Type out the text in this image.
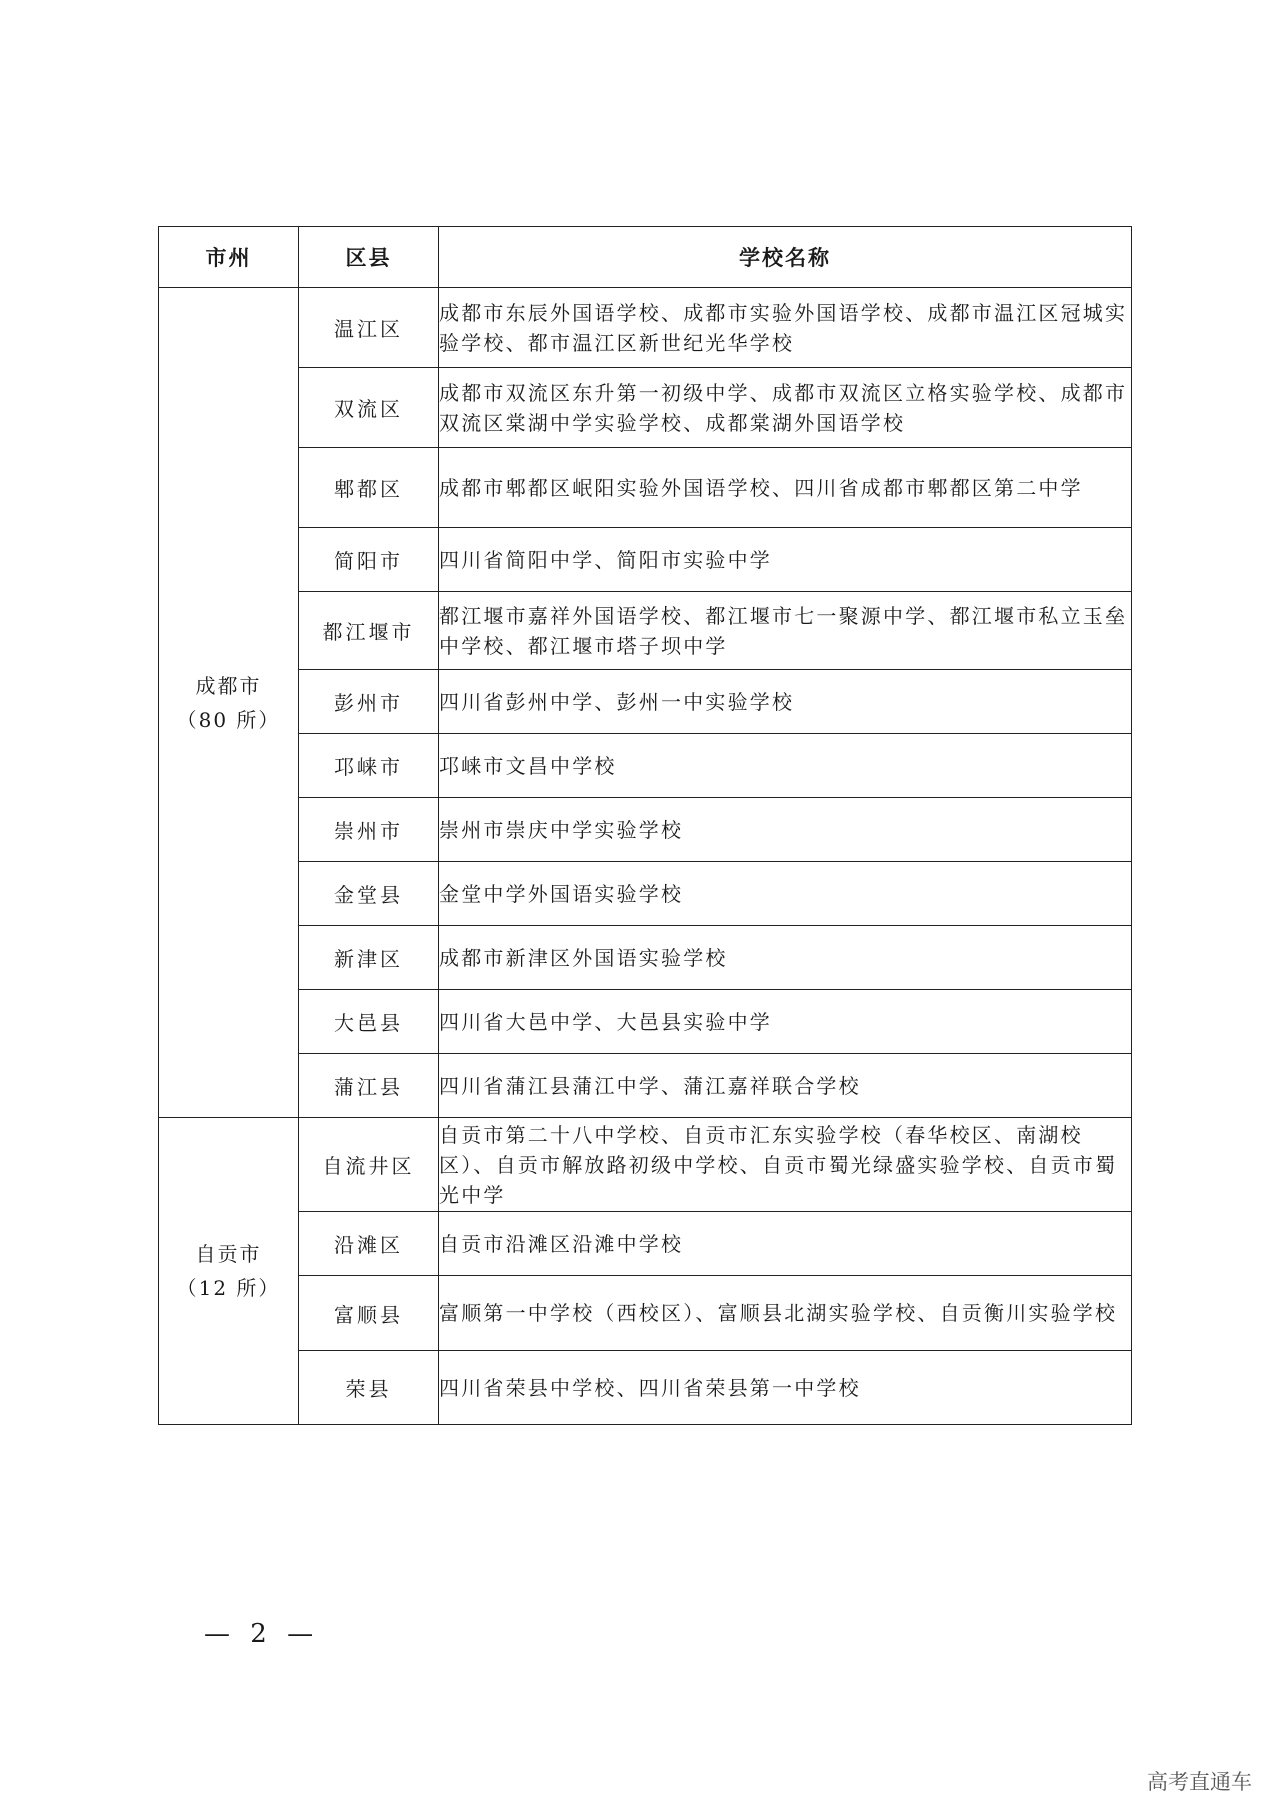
市州	区县	学校名称

成都市
（80 所）	温江区	成都市东辰外国语学校、成都市实验外国语学校、成都市温江区冠城实验学校、都市温江区新世纪光华学校
	双流区	成都市双流区东升第一初级中学、成都市双流区立格实验学校、成都市双流区棠湖中学实验学校、成都棠湖外国语学校
	郫都区	成都市郫都区岷阳实验外国语学校、四川省成都市郫都区第二中学
	简阳市	四川省简阳中学、简阳市实验中学
	都江堰市	都江堰市嘉祥外国语学校、都江堰市七一聚源中学、都江堰市私立玉垒中学校、都江堰市塔子坝中学
	彭州市	四川省彭州中学、彭州一中实验学校
	邛崃市	邛崃市文昌中学校
	崇州市	崇州市崇庆中学实验学校
	金堂县	金堂中学外国语实验学校
	新津区	成都市新津区外国语实验学校
	大邑县	四川省大邑中学、大邑县实验中学
	蒲江县	四川省蒲江县蒲江中学、蒲江嘉祥联合学校

自贡市
（12 所）	自流井区	自贡市第二十八中学校、自贡市汇东实验学校（春华校区、南湖校区）、自贡市解放路初级中学校、自贡市蜀光绿盛实验学校、自贡市蜀光中学
	沿滩区	自贡市沿滩区沿滩中学校
	富顺县	富顺第一中学校（西校区）、富顺县北湖实验学校、自贡衡川实验学校
	荣县	四川省荣县中学校、四川省荣县第一中学校
— 2 —
高考直通车
